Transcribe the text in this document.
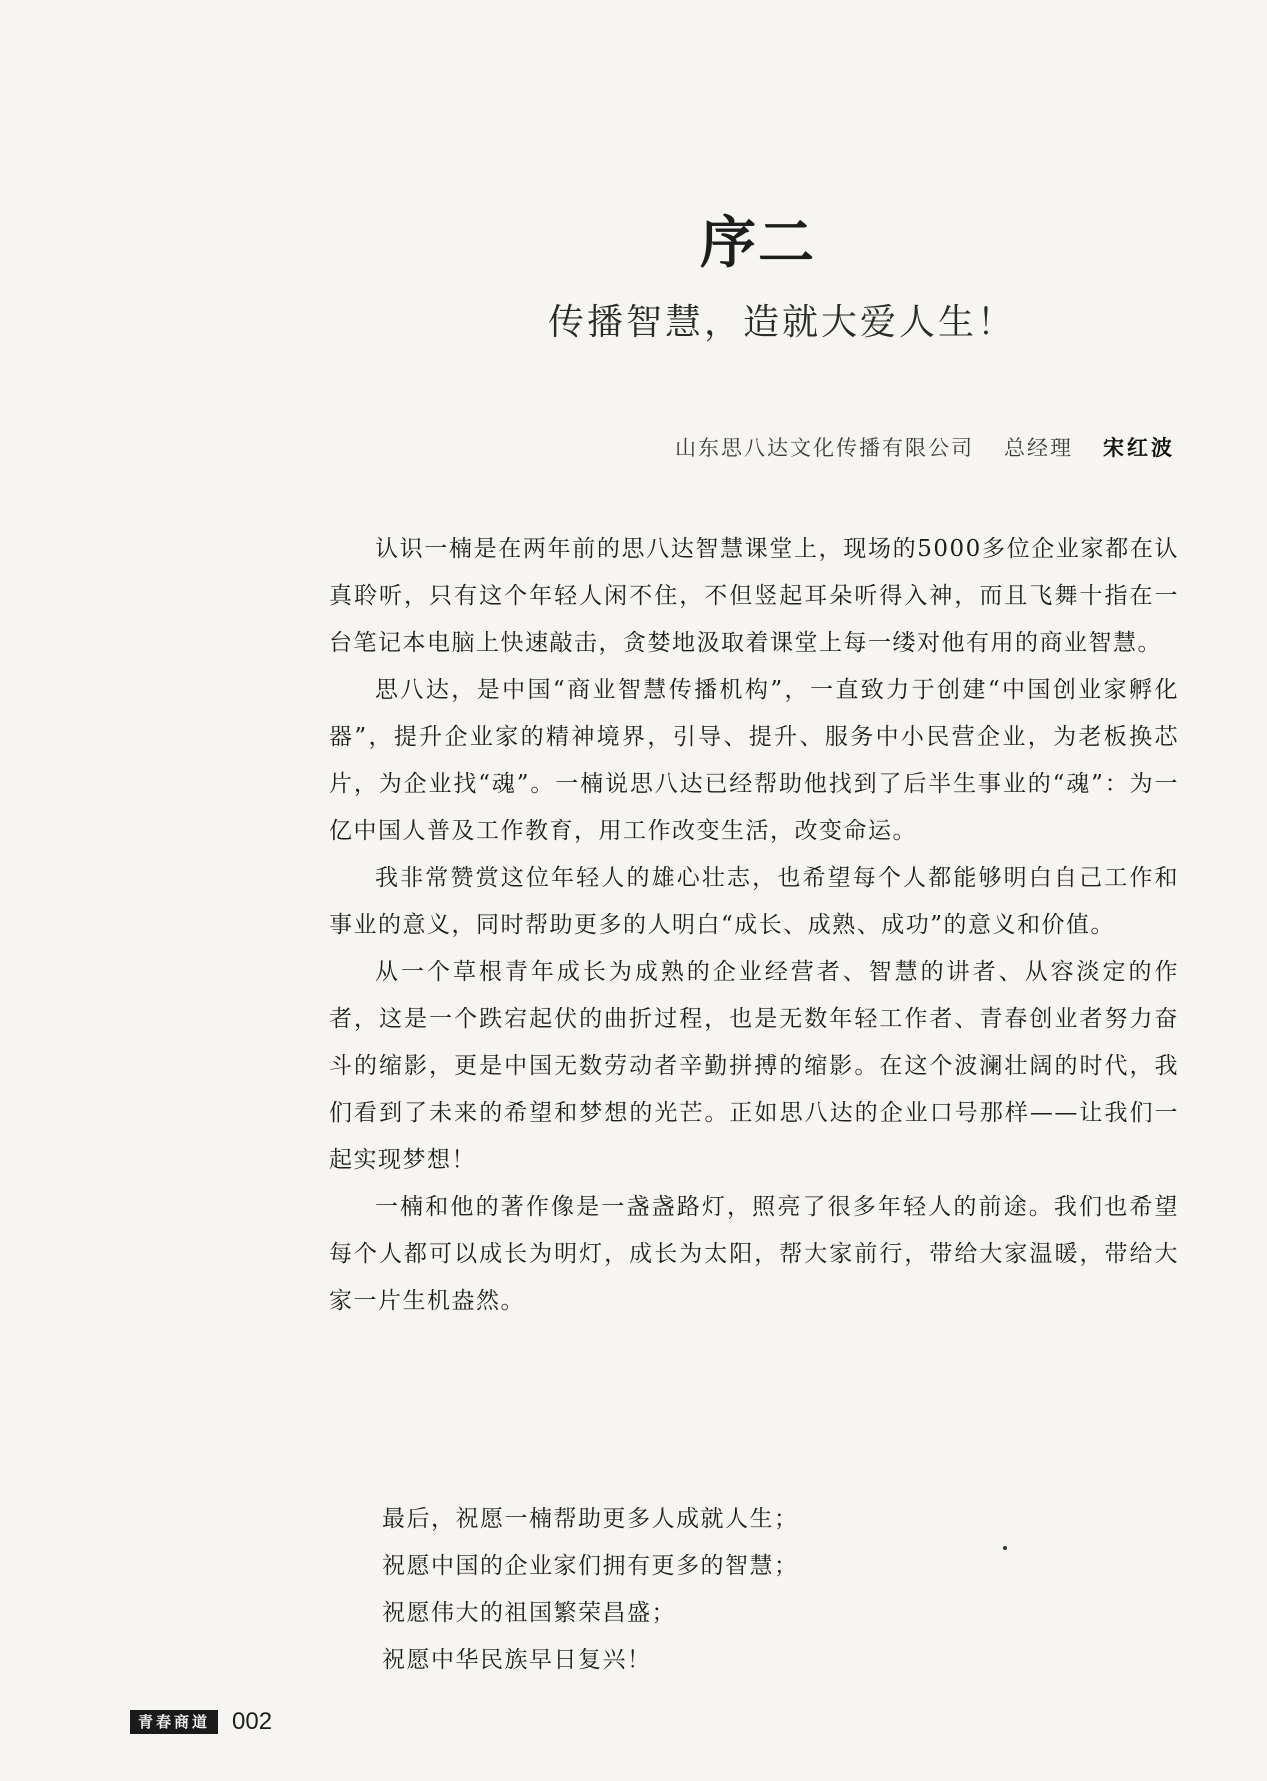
序二
传播智慧，造就大爱人生！
山东思八达文化传播有限公司 总经理 宋红波

认识一楠是在两年前的思八达智慧课堂上，现场的5000多位企业家都在认真聆听，只有这个年轻人闲不住，不但竖起耳朵听得入神，而且飞舞十指在一台笔记本电脑上快速敲击，贪婪地汲取着课堂上每一缕对他有用的商业智慧。

思八达，是中国“商业智慧传播机构”，一直致力于创建“中国创业家孵化器”，提升企业家的精神境界，引导、提升、服务中小民营企业，为老板换芯片，为企业找“魂”。一楠说思八达已经帮助他找到了后半生事业的“魂”：为一亿中国人普及工作教育，用工作改变生活，改变命运。

我非常赞赏这位年轻人的雄心壮志，也希望每个人都能够明白自己工作和事业的意义，同时帮助更多的人明白“成长、成熟、成功”的意义和价值。

从一个草根青年成长为成熟的企业经营者、智慧的讲者、从容淡定的作者，这是一个跌宕起伏的曲折过程，也是无数年轻工作者、青春创业者努力奋斗的缩影，更是中国无数劳动者辛勤拼搏的缩影。在这个波澜壮阔的时代，我们看到了未来的希望和梦想的光芒。正如思八达的企业口号那样——让我们一起实现梦想！

一楠和他的著作像是一盏盏路灯，照亮了很多年轻人的前途。我们也希望每个人都可以成长为明灯，成长为太阳，帮大家前行，带给大家温暖，带给大家一片生机盎然。

最后，祝愿一楠帮助更多人成就人生；
祝愿中国的企业家们拥有更多的智慧；
祝愿伟大的祖国繁荣昌盛；
祝愿中华民族早日复兴！
青春商道 002
